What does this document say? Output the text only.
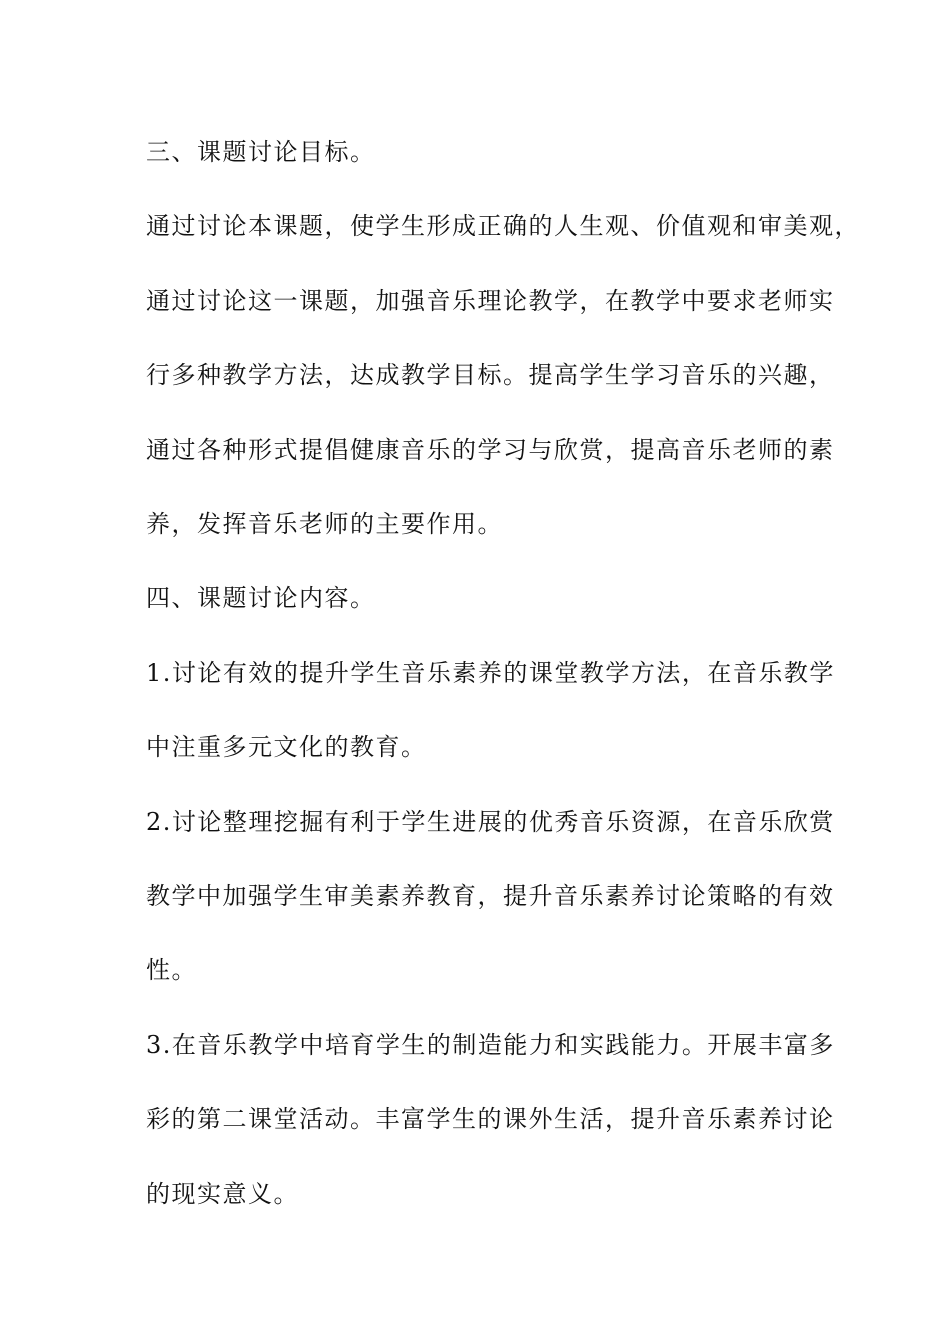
三、课题讨论目标。
通过讨论本课题，使学生形成正确的人生观、价值观和审美观，
通过讨论这一课题，加强音乐理论教学，在教学中要求老师实
行多种教学方法，达成教学目标。提高学生学习音乐的兴趣，
通过各种形式提倡健康音乐的学习与欣赏，提高音乐老师的素
养，发挥音乐老师的主要作用。
四、课题讨论内容。
1.讨论有效的提升学生音乐素养的课堂教学方法，在音乐教学
中注重多元文化的教育。
2.讨论整理挖掘有利于学生进展的优秀音乐资源，在音乐欣赏
教学中加强学生审美素养教育，提升音乐素养讨论策略的有效
性。
3.在音乐教学中培育学生的制造能力和实践能力。开展丰富多
彩的第二课堂活动。丰富学生的课外生活，提升音乐素养讨论
的现实意义。
